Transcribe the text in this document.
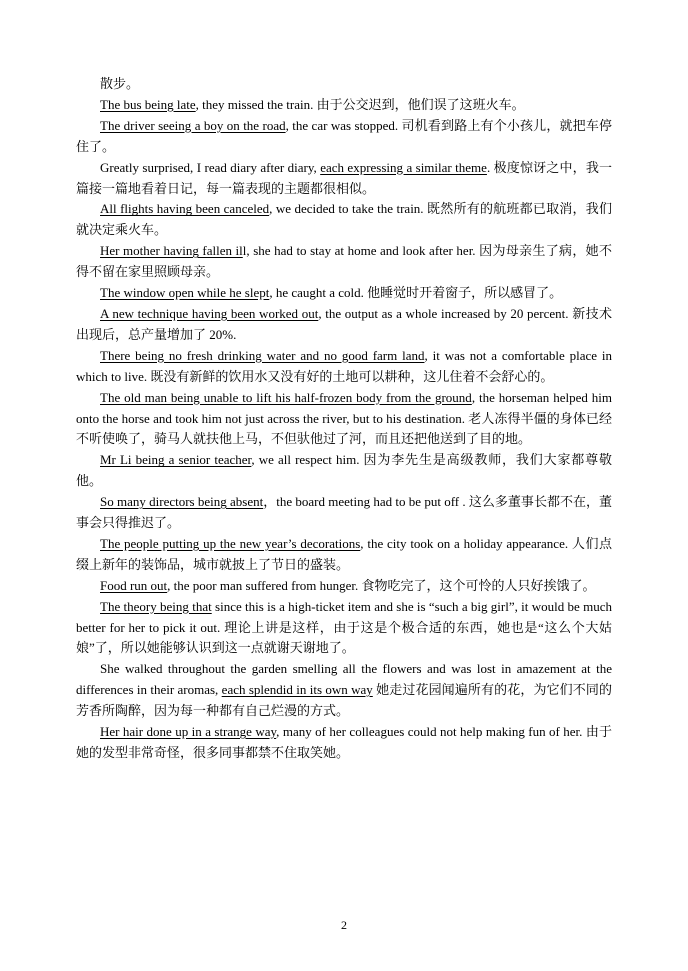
散步。

The bus being late, they missed the train. 由于公交迟到，他们误了这班火车。

The driver seeing a boy on the road, the car was stopped. 司机看到路上有个小孩儿，就把车停住了。

Greatly surprised, I read diary after diary, each expressing a similar theme. 极度惊讶之中，我一篇接一篇地看着日记，每一篇表现的主题都很相似。

All flights having been canceled, we decided to take the train. 既然所有的航班都已取消，我们就决定乘火车。

Her mother having fallen ill, she had to stay at home and look after her. 因为母亲生了病，她不得不留在家里照顾母亲。

The window open while he slept, he caught a cold. 他睡觉时开着窗子，所以感冒了。

A new technique having been worked out, the output as a whole increased by 20 percent. 新技术出现后，总产量增加了 20%.

There being no fresh drinking water and no good farm land, it was not a comfortable place in which to live. 既没有新鲜的饮用水又没有好的土地可以耕种，这儿住着不会舒心的。

The old man being unable to lift his half-frozen body from the ground, the horseman helped him onto the horse and took him not just across the river, but to his destination. 老人冻得半僵的身体已经不听使唤了，骑马人就扶他上马，不但驮他过了河，而且还把他送到了目的地。

Mr Li being a senior teacher, we all respect him. 因为李先生是高级教师，我们大家都尊敬他。

So many directors being absent，the board meeting had to be put off . 这么多董事长都不在，董事会只得推迟了。

The people putting up the new year’s decorations, the city took on a holiday appearance. 人们点缀上新年的装饰品，城市就披上了节日的盛装。

Food run out, the poor man suffered from hunger. 食物吃完了，这个可怜的人只好挨饿了。

The theory being that since this is a high-ticket item and she is “such a big girl”, it would be much better for her to pick it out. 理论上讲是这样，由于这是个极合适的东西，她也是“这么个大姑娘”了，所以她能够认识到这一点就谢天谢地了。

She walked throughout the garden smelling all the flowers and was lost in amazement at the differences in their aromas, each splendid in its own way 她走过花园闻遍所有的花，为它们不同的芳香所陶醉，因为每一种都有自己烂漫的方式。

Her hair done up in a strange way, many of her colleagues could not help making fun of her. 由于她的发型非常奇怪，很多同事都禁不住取笑她。

2
